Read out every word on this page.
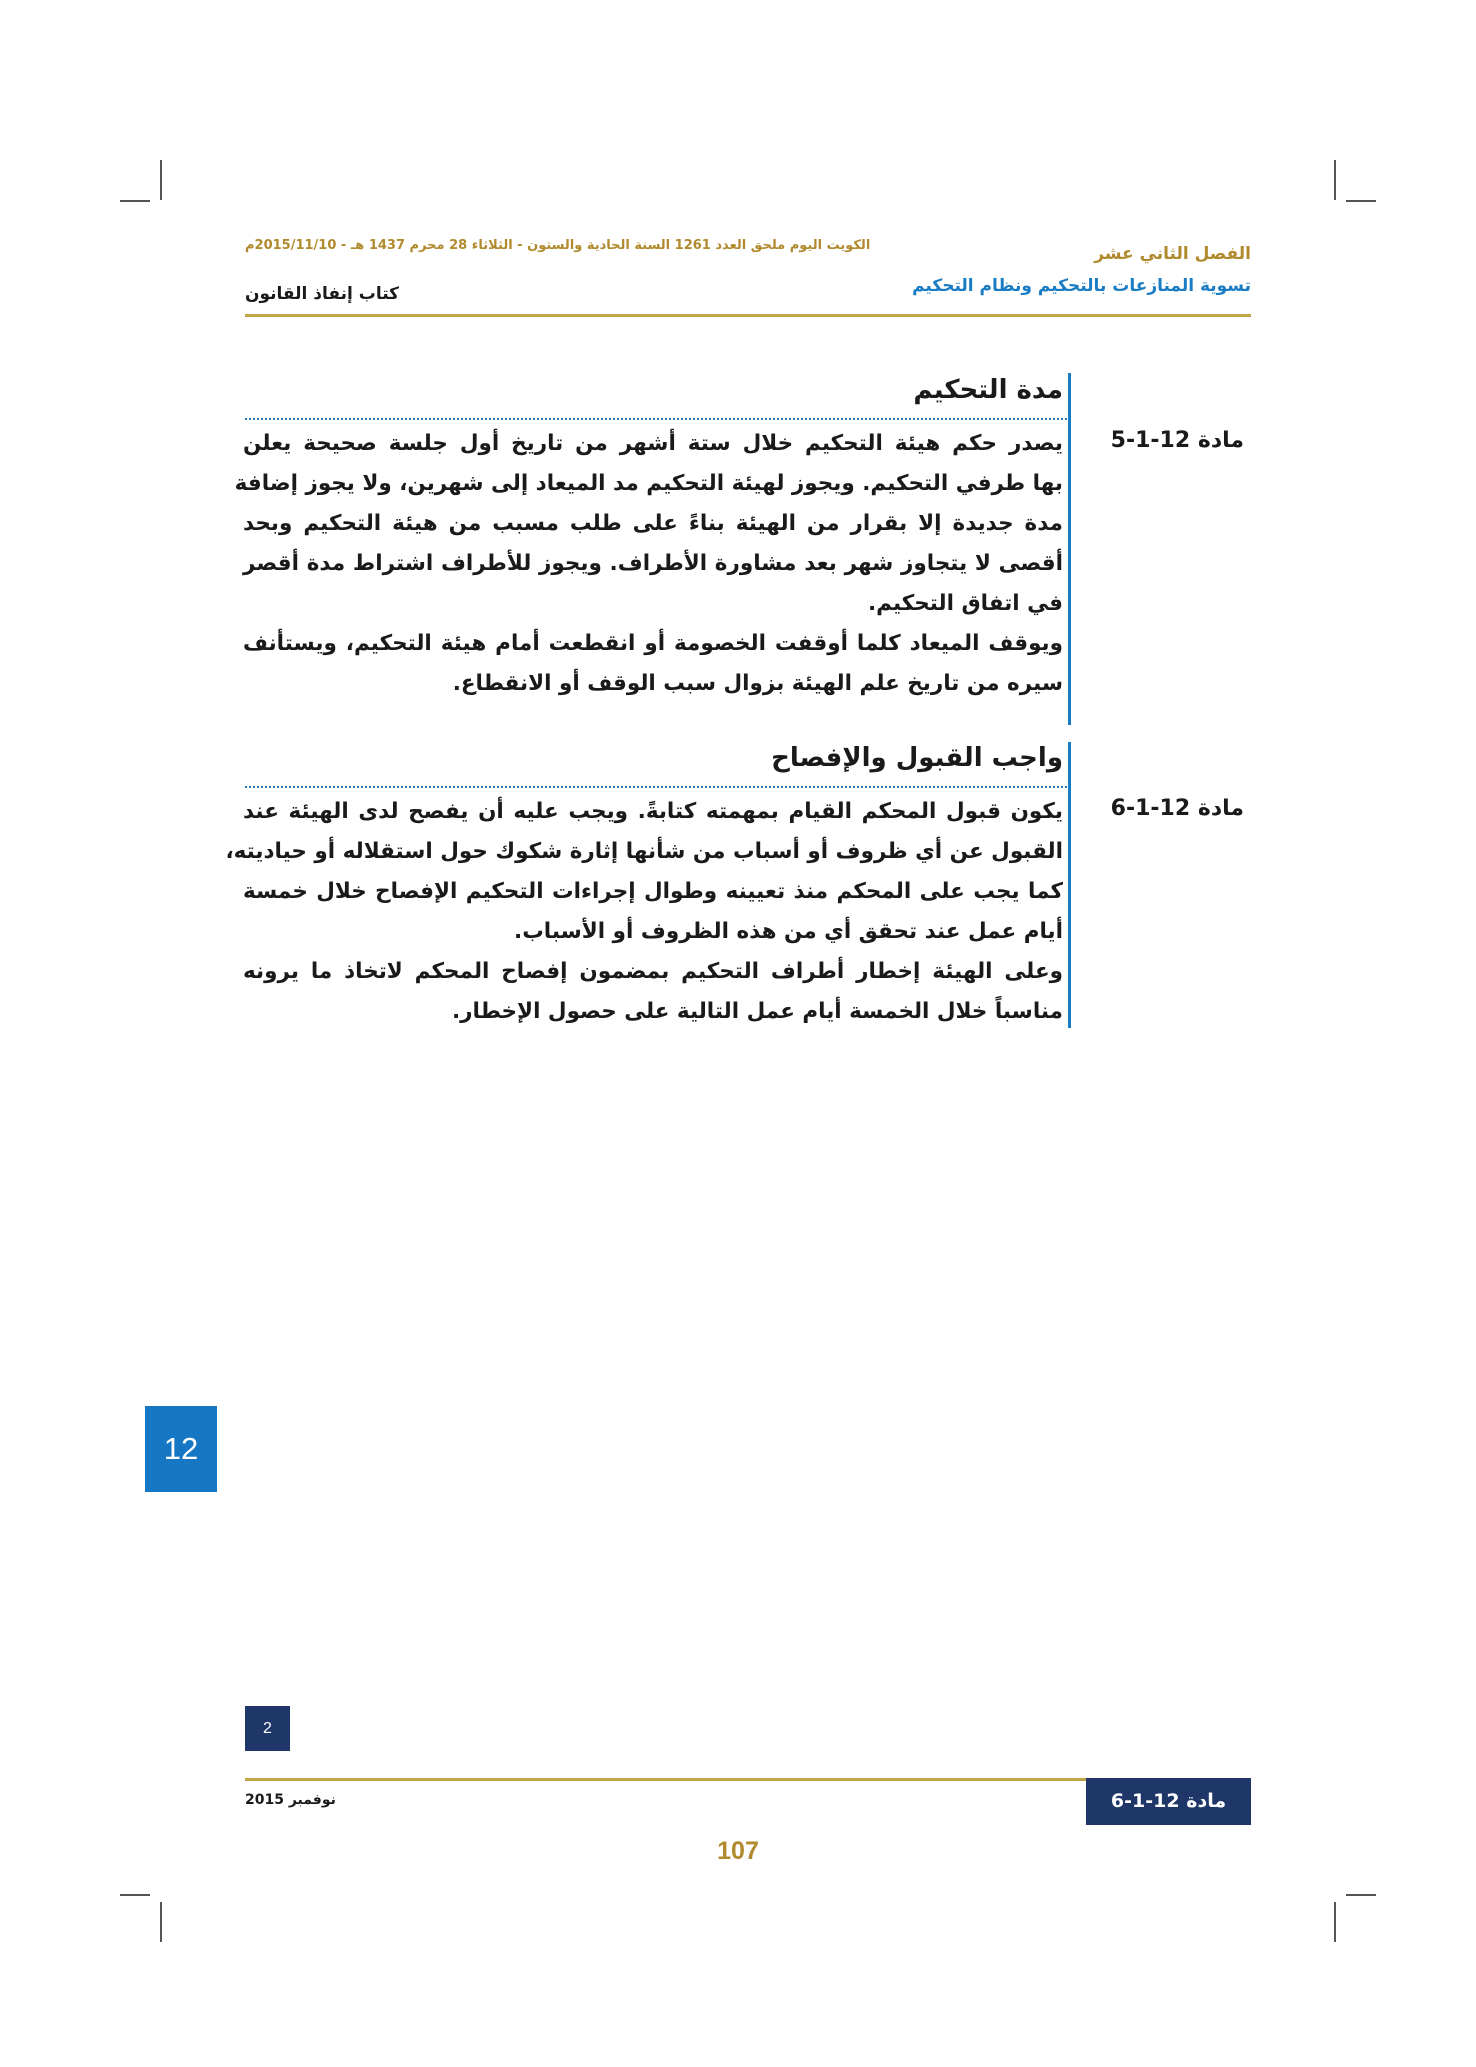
الكويت اليوم ملحق العدد 1261 السنة الحادية والستون - الثلاثاء 28 محرم 1437 هـ - 2015/11/10م	الفصل الثاني عشر
تسوية المنازعات بالتحكيم ونظام التحكيم
كتاب إنفاذ القانون
مدة التحكيم
مادة 12-1-5
يصدر حكم هيئة التحكيم خلال ستة أشهر من تاريخ أول جلسة صحيحة يعلن
بها طرفي التحكيم. ويجوز لهيئة التحكيم مد الميعاد إلى شهرين، ولا يجوز إضافة
مدة جديدة إلا بقرار من الهيئة بناءً على طلب مسبب من هيئة التحكيم وبحد
أقصى لا يتجاوز شهر بعد مشاورة الأطراف. ويجوز للأطراف اشتراط مدة أقصر
في اتفاق التحكيم.
ويوقف الميعاد كلما أوقفت الخصومة أو انقطعت أمام هيئة التحكيم، ويستأنف
سيره من تاريخ علم الهيئة بزوال سبب الوقف أو الانقطاع.
واجب القبول والإفصاح
مادة 12-1-6
يكون قبول المحكم القيام بمهمته كتابةً. ويجب عليه أن يفصح لدى الهيئة عند
القبول عن أي ظروف أو أسباب من شأنها إثارة شكوك حول استقلاله أو حياديته،
كما يجب على المحكم منذ تعيينه وطوال إجراءات التحكيم الإفصاح خلال خمسة
أيام عمل عند تحقق أي من هذه الظروف أو الأسباب.
وعلى الهيئة إخطار أطراف التحكيم بمضمون إفصاح المحكم لاتخاذ ما يرونه
مناسباً خلال الخمسة أيام عمل التالية على حصول الإخطار.
12
2
نوفمبر 2015	مادة 12-1-6
107
